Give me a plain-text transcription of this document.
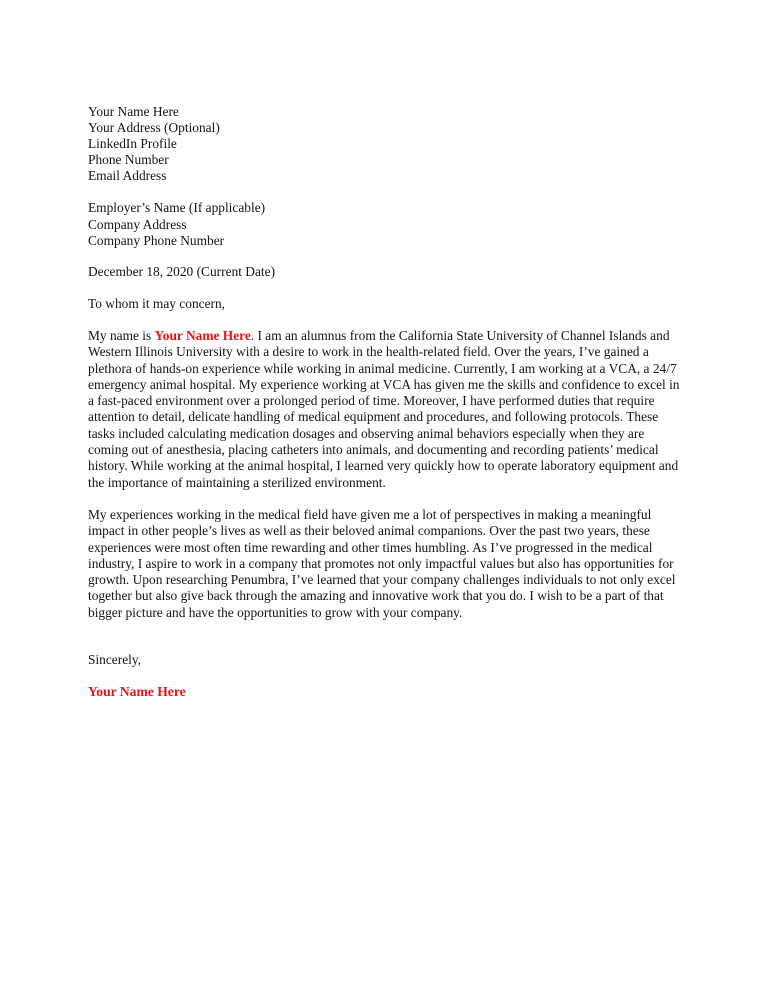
Your Name Here
Your Address (Optional)
LinkedIn Profile
Phone Number
Email Address
Employer’s Name (If applicable)
Company Address
Company Phone Number
December 18, 2020 (Current Date)
To whom it may concern,

My name is Your Name Here. I am an alumnus from the California State University of Channel Islands and Western Illinois University with a desire to work in the health-related field. Over the years, I’ve gained a plethora of hands-on experience while working in animal medicine. Currently, I am working at a VCA, a 24/7 emergency animal hospital. My experience working at VCA has given me the skills and confidence to excel in a fast-paced environment over a prolonged period of time. Moreover, I have performed duties that require attention to detail, delicate handling of medical equipment and procedures, and following protocols. These tasks included calculating medication dosages and observing animal behaviors especially when they are coming out of anesthesia, placing catheters into animals, and documenting and recording patients’ medical history. While working at the animal hospital, I learned very quickly how to operate laboratory equipment and the importance of maintaining a sterilized environment.

My experiences working in the medical field have given me a lot of perspectives in making a meaningful impact in other people’s lives as well as their beloved animal companions. Over the past two years, these experiences were most often time rewarding and other times humbling. As I’ve progressed in the medical industry, I aspire to work in a company that promotes not only impactful values but also has opportunities for growth. Upon researching Penumbra, I’ve learned that your company challenges individuals to not only excel together but also give back through the amazing and innovative work that you do. I wish to be a part of that bigger picture and have the opportunities to grow with your company.

Sincerely,
Your Name Here
